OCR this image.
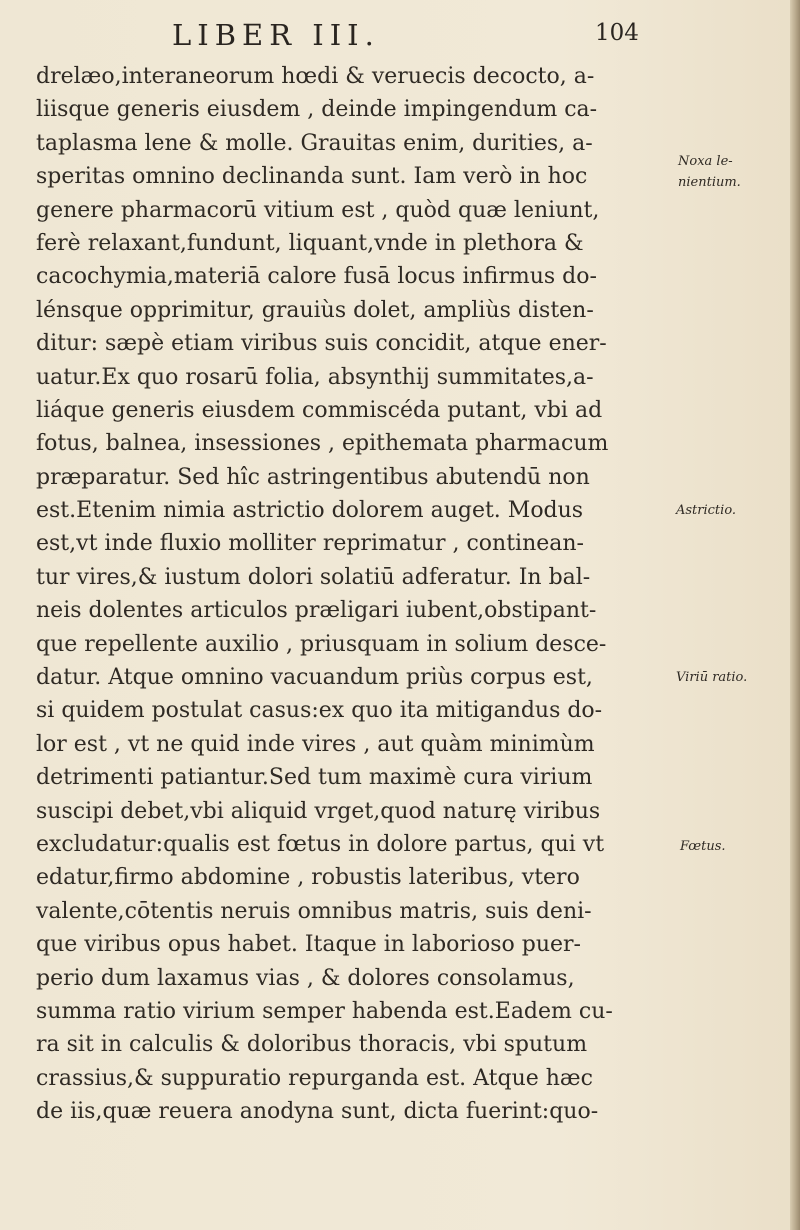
LIBER III.	104
drelæo,interaneorum hœdi & veruecis decocto, a-
liisque generis eiusdem , deinde impingendum ca-
taplasma lene & molle. Grauitas enim, durities, a-
speritas omnino declinanda sunt. Iam verò in hoc
genere pharmacorū vitium est , quòd quæ leniunt,
ferè relaxant,fundunt, liquant,vnde in plethora &
cacochymia,materiā calore fusā locus infirmus do-
lénsque opprimitur, grauiùs dolet, ampliùs disten-
ditur: sæpè etiam viribus suis concidit, atque ener-
uatur.Ex quo rosarū folia, absynthij summitates,a-
liáque generis eiusdem commiscéda putant, vbi ad
fotus, balnea, insessiones , epithemata pharmacum
præparatur. Sed hîc astringentibus abutendū non
est.Etenim nimia astrictio dolorem auget. Modus
est,vt inde fluxio molliter reprimatur , continean-
tur vires,& iustum dolori solatiū adferatur. In bal-
neis dolentes articulos præligari iubent,obstipant-
que repellente auxilio , priusquam in solium desce-
datur. Atque omnino vacuandum priùs corpus est,
si quidem postulat casus:ex quo ita mitigandus do-
lor est , vt ne quid inde vires , aut quàm minimùm
detrimenti patiantur.Sed tum maximè cura virium
suscipi debet,vbi aliquid vrget,quod naturę viribus
excludatur:qualis est fœtus in dolore partus, qui vt
edatur,firmo abdomine , robustis lateribus, vtero
valente,cōtentis neruis omnibus matris, suis deni-
que viribus opus habet. Itaque in laborioso puer-
perio dum laxamus vias , & dolores consolamus,
summa ratio virium semper habenda est.Eadem cu-
ra sit in calculis & doloribus thoracis, vbi sputum
crassius,& suppuratio repurganda est. Atque hæc
de iis,quæ reuera anodyna sunt, dicta fuerint:quo-
Noxa le-
nientium.
Astrictio.
Viriū ratio.
Fœtus.
